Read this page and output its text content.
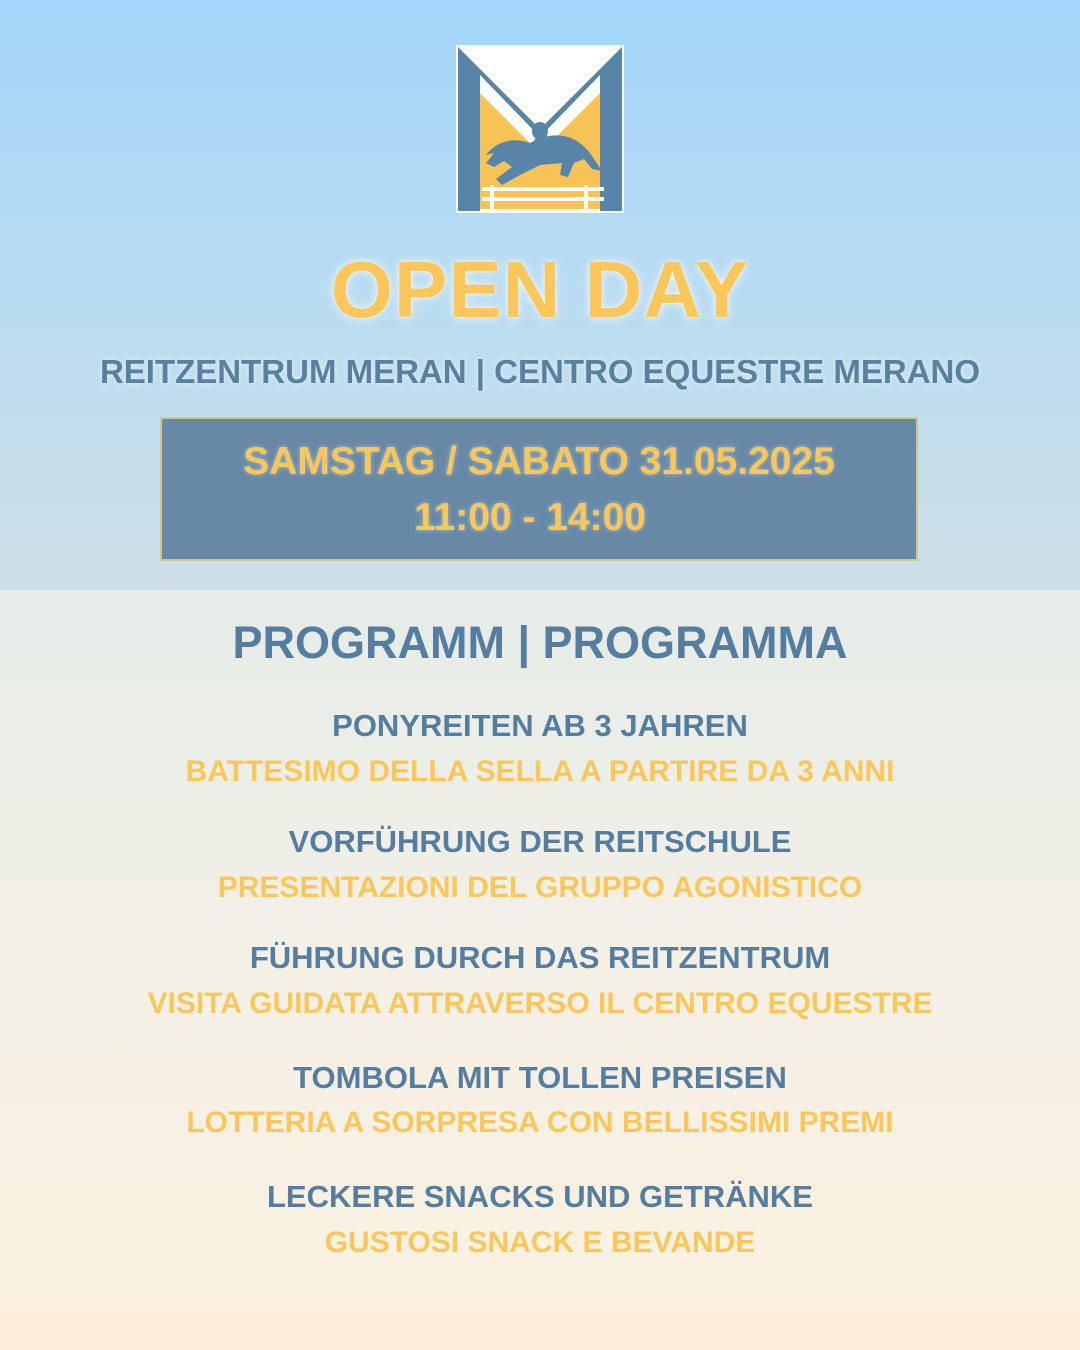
OPEN DAY
REITZENTRUM MERAN | CENTRO EQUESTRE MERANO
SAMSTAG / SABATO 31.05.2025
11:00 - 14:00
PROGRAMM | PROGRAMMA
PONYREITEN AB 3 JAHREN
BATTESIMO DELLA SELLA A PARTIRE DA 3 ANNI
VORFÜHRUNG DER REITSCHULE
PRESENTAZIONI DEL GRUPPO AGONISTICO
FÜHRUNG DURCH DAS REITZENTRUM
VISITA GUIDATA ATTRAVERSO IL CENTRO EQUESTRE
TOMBOLA MIT TOLLEN PREISEN
LOTTERIA A SORPRESA CON BELLISSIMI PREMI
LECKERE SNACKS UND GETRÄNKE
GUSTOSI SNACK E BEVANDE
